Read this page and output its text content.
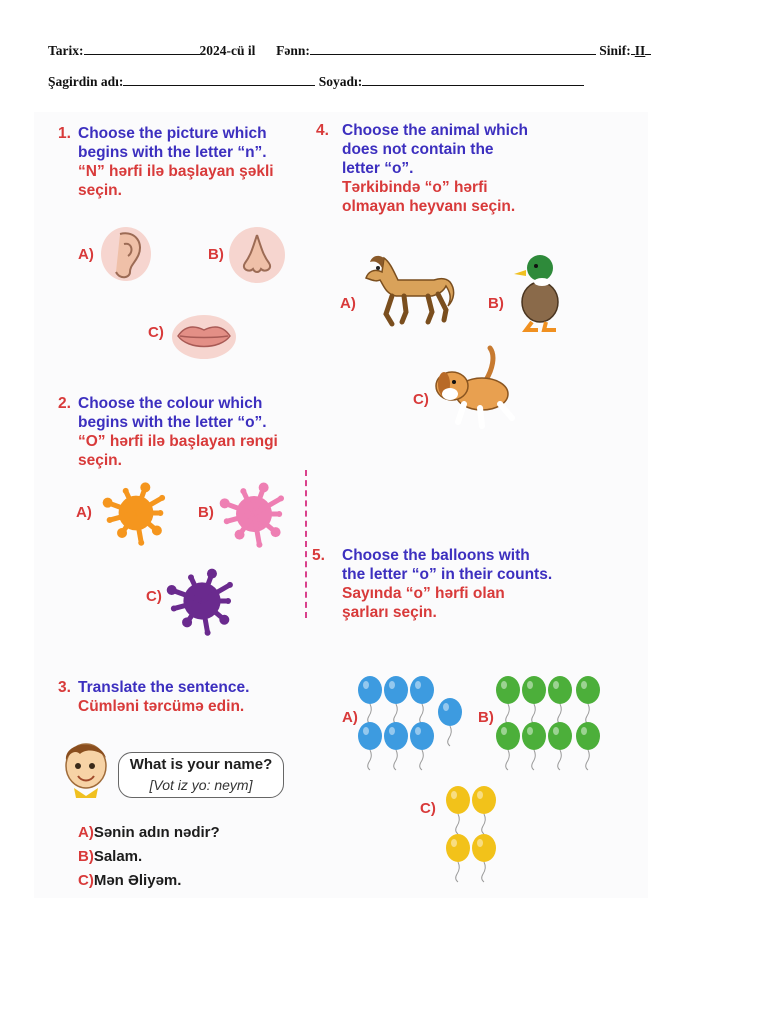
Tarix:	2024-cü il Fənn:	Sinif: II
Şagirdin adı:	Soyadı:
1. Choose the picture which
begins with the letter “n”.
“N” hərfi ilə başlayan şəkli
seçin.
A)	B)
C)
2. Choose the colour which
begins with the letter “o”.
“O” hərfi ilə başlayan rəngi
seçin.
A)	B)
C)
3. Translate the sentence.
Cümləni tərcümə edin.
What is your name?
[Vot iz yo: neym]
A)Sənin adın nədir?
B)Salam.
C)Mən Əliyəm.
4. Choose the animal which
does not contain the
letter “o”.
Tərkibində “o” hərfi
olmayan heyvanı seçin.
A)	B)
C)
5. Choose the balloons with
the letter “o” in their counts.
Sayında “o” hərfi olan
şarları seçin.
A)	B)
C)
